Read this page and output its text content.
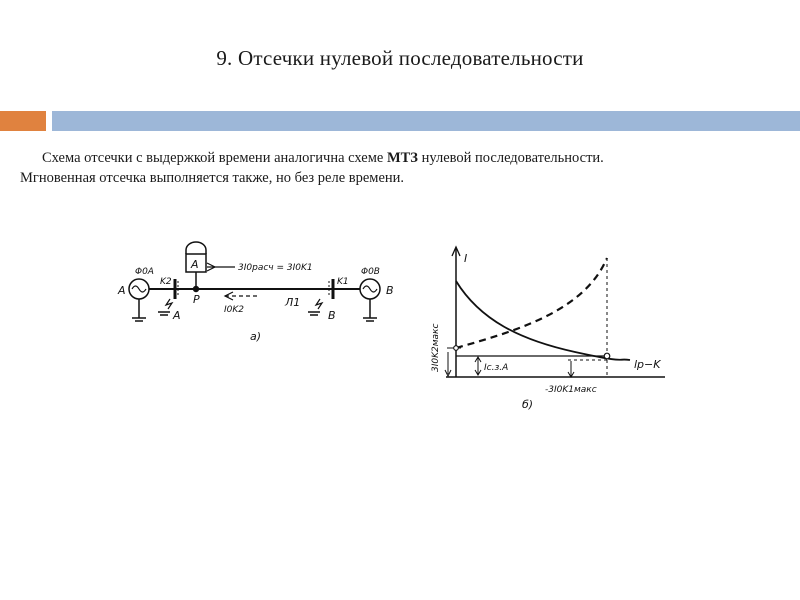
9. Отсечки нулевой последовательности

Схема отсечки с выдержкой времени аналогична схеме МТЗ нулевой последовательности.

Мгновенная отсечка выполняется также, но без реле времени.

A
Φ0A
K2
A	3I0расч = 3I0K1
P
I0K2
Л1
K1
Φ0B
B
A	B
a)
I
lр−K
3I0K2макс	Iс.з.A
-3I0K1макс
б)
